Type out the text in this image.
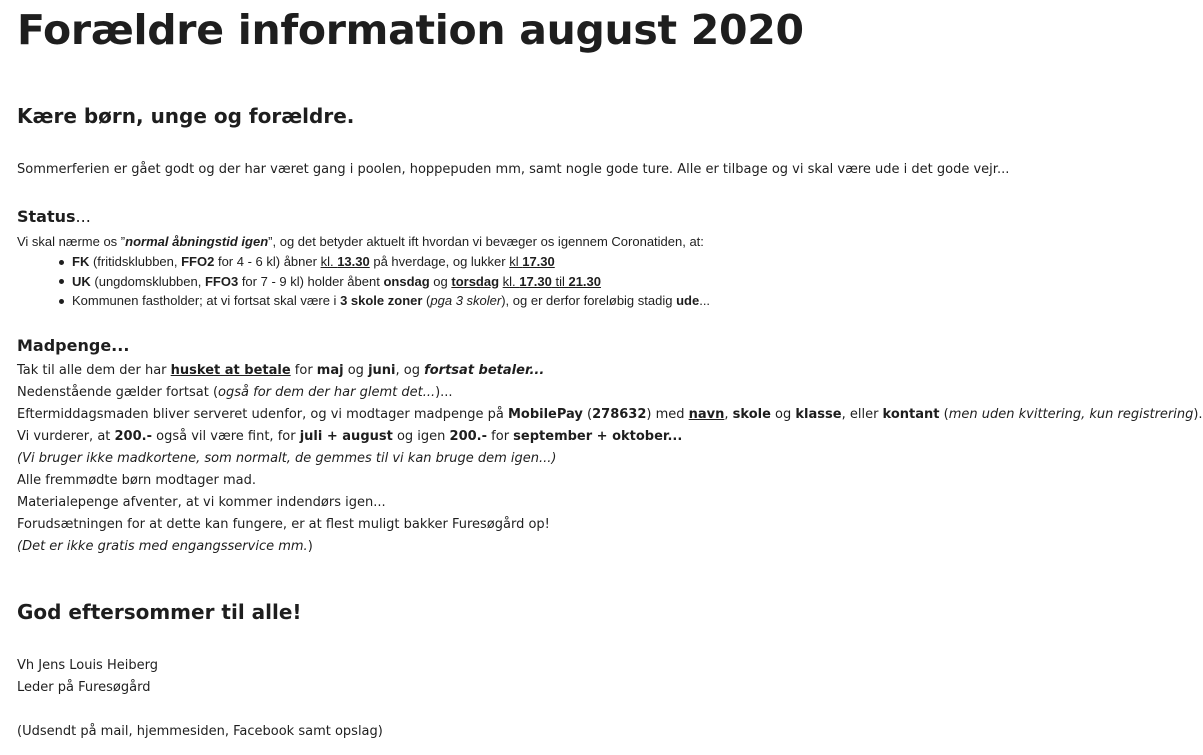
Forældre information august 2020
Kære børn, unge og forældre.
Sommerferien er gået godt og der har været gang i poolen, hoppepuden mm, samt nogle gode ture. Alle er tilbage og vi skal være ude i det gode vejr...
Status...
Vi skal nærme os ”normal åbningstid igen”, og det betyder aktuelt ift hvordan vi bevæger os igennem Coronatiden, at:
FK (fritidsklubben, FFO2 for 4 - 6 kl) åbner kl. 13.30 på hverdage, og lukker kl 17.30
UK (ungdomsklubben, FFO3 for 7 - 9 kl) holder åbent onsdag og torsdag kl. 17.30 til 21.30
Kommunen fastholder; at vi fortsat skal være i 3 skole zoner (pga 3 skoler), og er derfor foreløbig stadig ude...
Madpenge...
Tak til alle dem der har husket at betale for maj og juni, og fortsat betaler...
Nedenstående gælder fortsat (også for dem der har glemt det...)...
Eftermiddagsmaden bliver serveret udenfor, og vi modtager madpenge på MobilePay (278632) med navn, skole og klasse, eller kontant (men uden kvittering, kun registrering).
Vi vurderer, at 200.- også vil være fint, for juli + august og igen 200.- for september + oktober...
(Vi bruger ikke madkortene, som normalt, de gemmes til vi kan bruge dem igen...)
Alle fremmødte børn modtager mad.
Materialepenge afventer, at vi kommer indendørs igen...
Forudsætningen for at dette kan fungere, er at flest muligt bakker Furesøgård op!
(Det er ikke gratis med engangsservice mm.)
God eftersommer til alle!
Vh Jens Louis Heiberg
Leder på Furesøgård
(Udsendt på mail, hjemmesiden, Facebook samt opslag)
